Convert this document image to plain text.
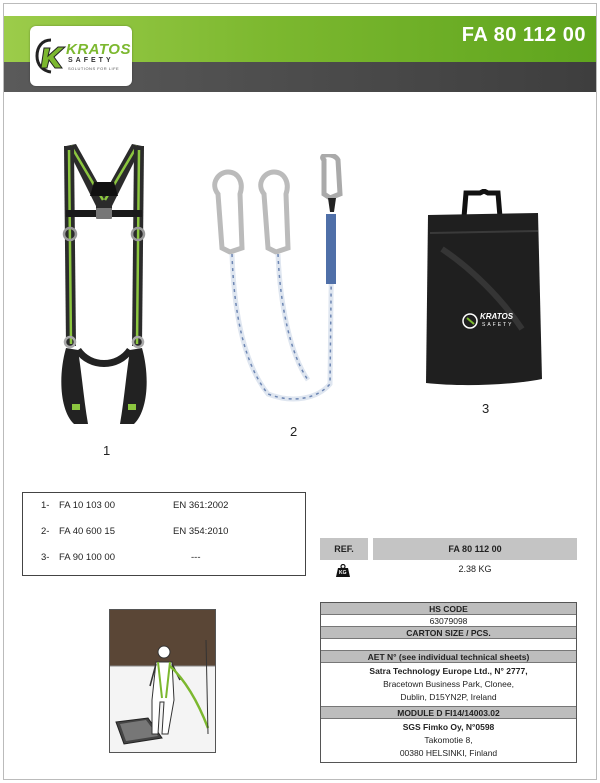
FA 80 112 00
KRATOS
SAFETY
SOLUTIONS FOR LIFE
1
2
KRATOS
SAFETY
3
1- FA 10 103 00	EN 361:2002
2- FA 40 600 15	EN 354:2010
3- FA 90 100 00	---
REF.	FA 80 112 00
KG	2.38 KG
HS CODE
63079098
CARTON SIZE / PCS.
AET N° (see individual technical sheets)
Satra Technology Europe Ltd., N° 2777,
Bracetown Business Park, Clonee,
Dublin, D15YN2P, Ireland
MODULE D FI14/14003.02
SGS Fimko Oy, N°0598
Takomotie 8,
00380 HELSINKI, Finland
